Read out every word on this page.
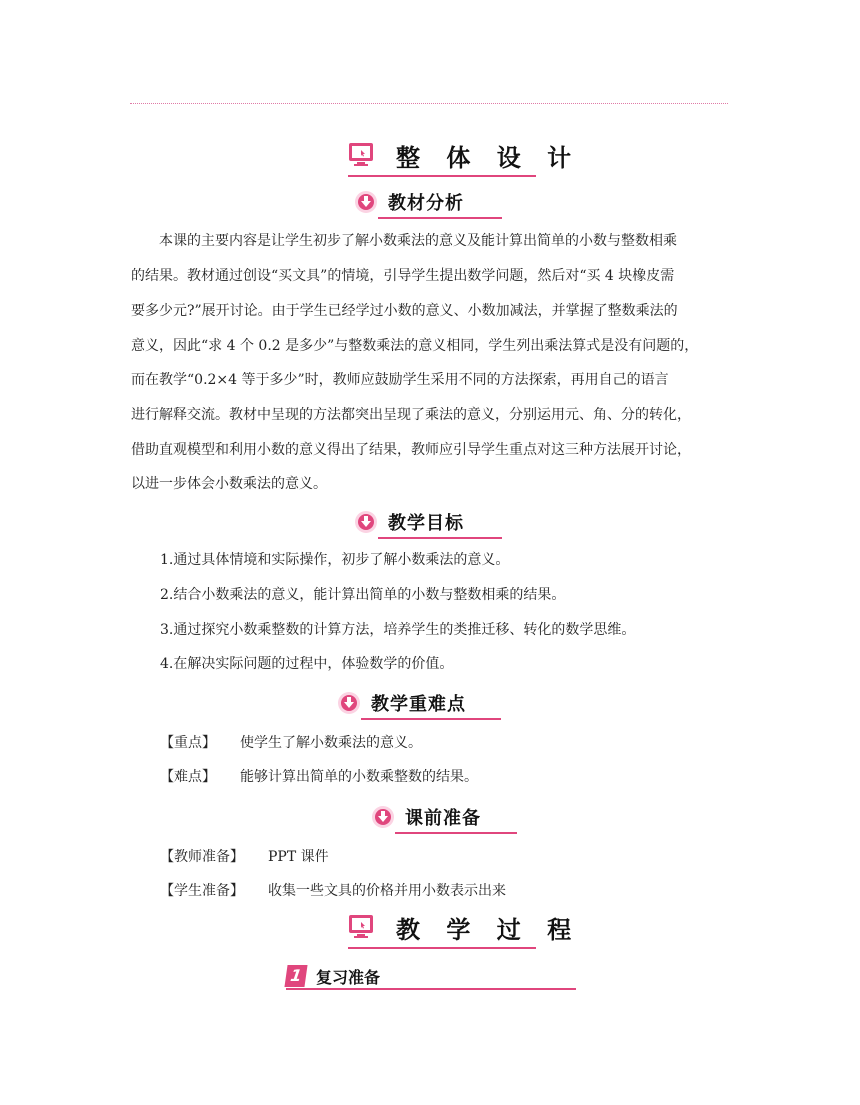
整 体 设 计
教材分析
本课的主要内容是让学生初步了解小数乘法的意义及能计算出简单的小数与整数相乘
的结果。教材通过创设“买文具”的情境，引导学生提出数学问题，然后对“买 4 块橡皮需
要多少元?”展开讨论。由于学生已经学过小数的意义、小数加减法，并掌握了整数乘法的
意义，因此“求 4 个 0.2 是多少”与整数乘法的意义相同，学生列出乘法算式是没有问题的，
而在教学“0.2×4 等于多少”时，教师应鼓励学生采用不同的方法探索，再用自己的语言
进行解释交流。教材中呈现的方法都突出呈现了乘法的意义，分别运用元、角、分的转化，
借助直观模型和利用小数的意义得出了结果，教师应引导学生重点对这三种方法展开讨论，
以进一步体会小数乘法的意义。
教学目标
1.通过具体情境和实际操作，初步了解小数乘法的意义。
2.结合小数乘法的意义，能计算出简单的小数与整数相乘的结果。
3.通过探究小数乘整数的计算方法，培养学生的类推迁移、转化的数学思维。
4.在解决实际问题的过程中，体验数学的价值。
教学重难点
【重点】 使学生了解小数乘法的意义。
【难点】 能够计算出简单的小数乘整数的结果。
课前准备
【教师准备】 PPT 课件
【学生准备】 收集一些文具的价格并用小数表示出来
教 学 过 程
1 复习准备
